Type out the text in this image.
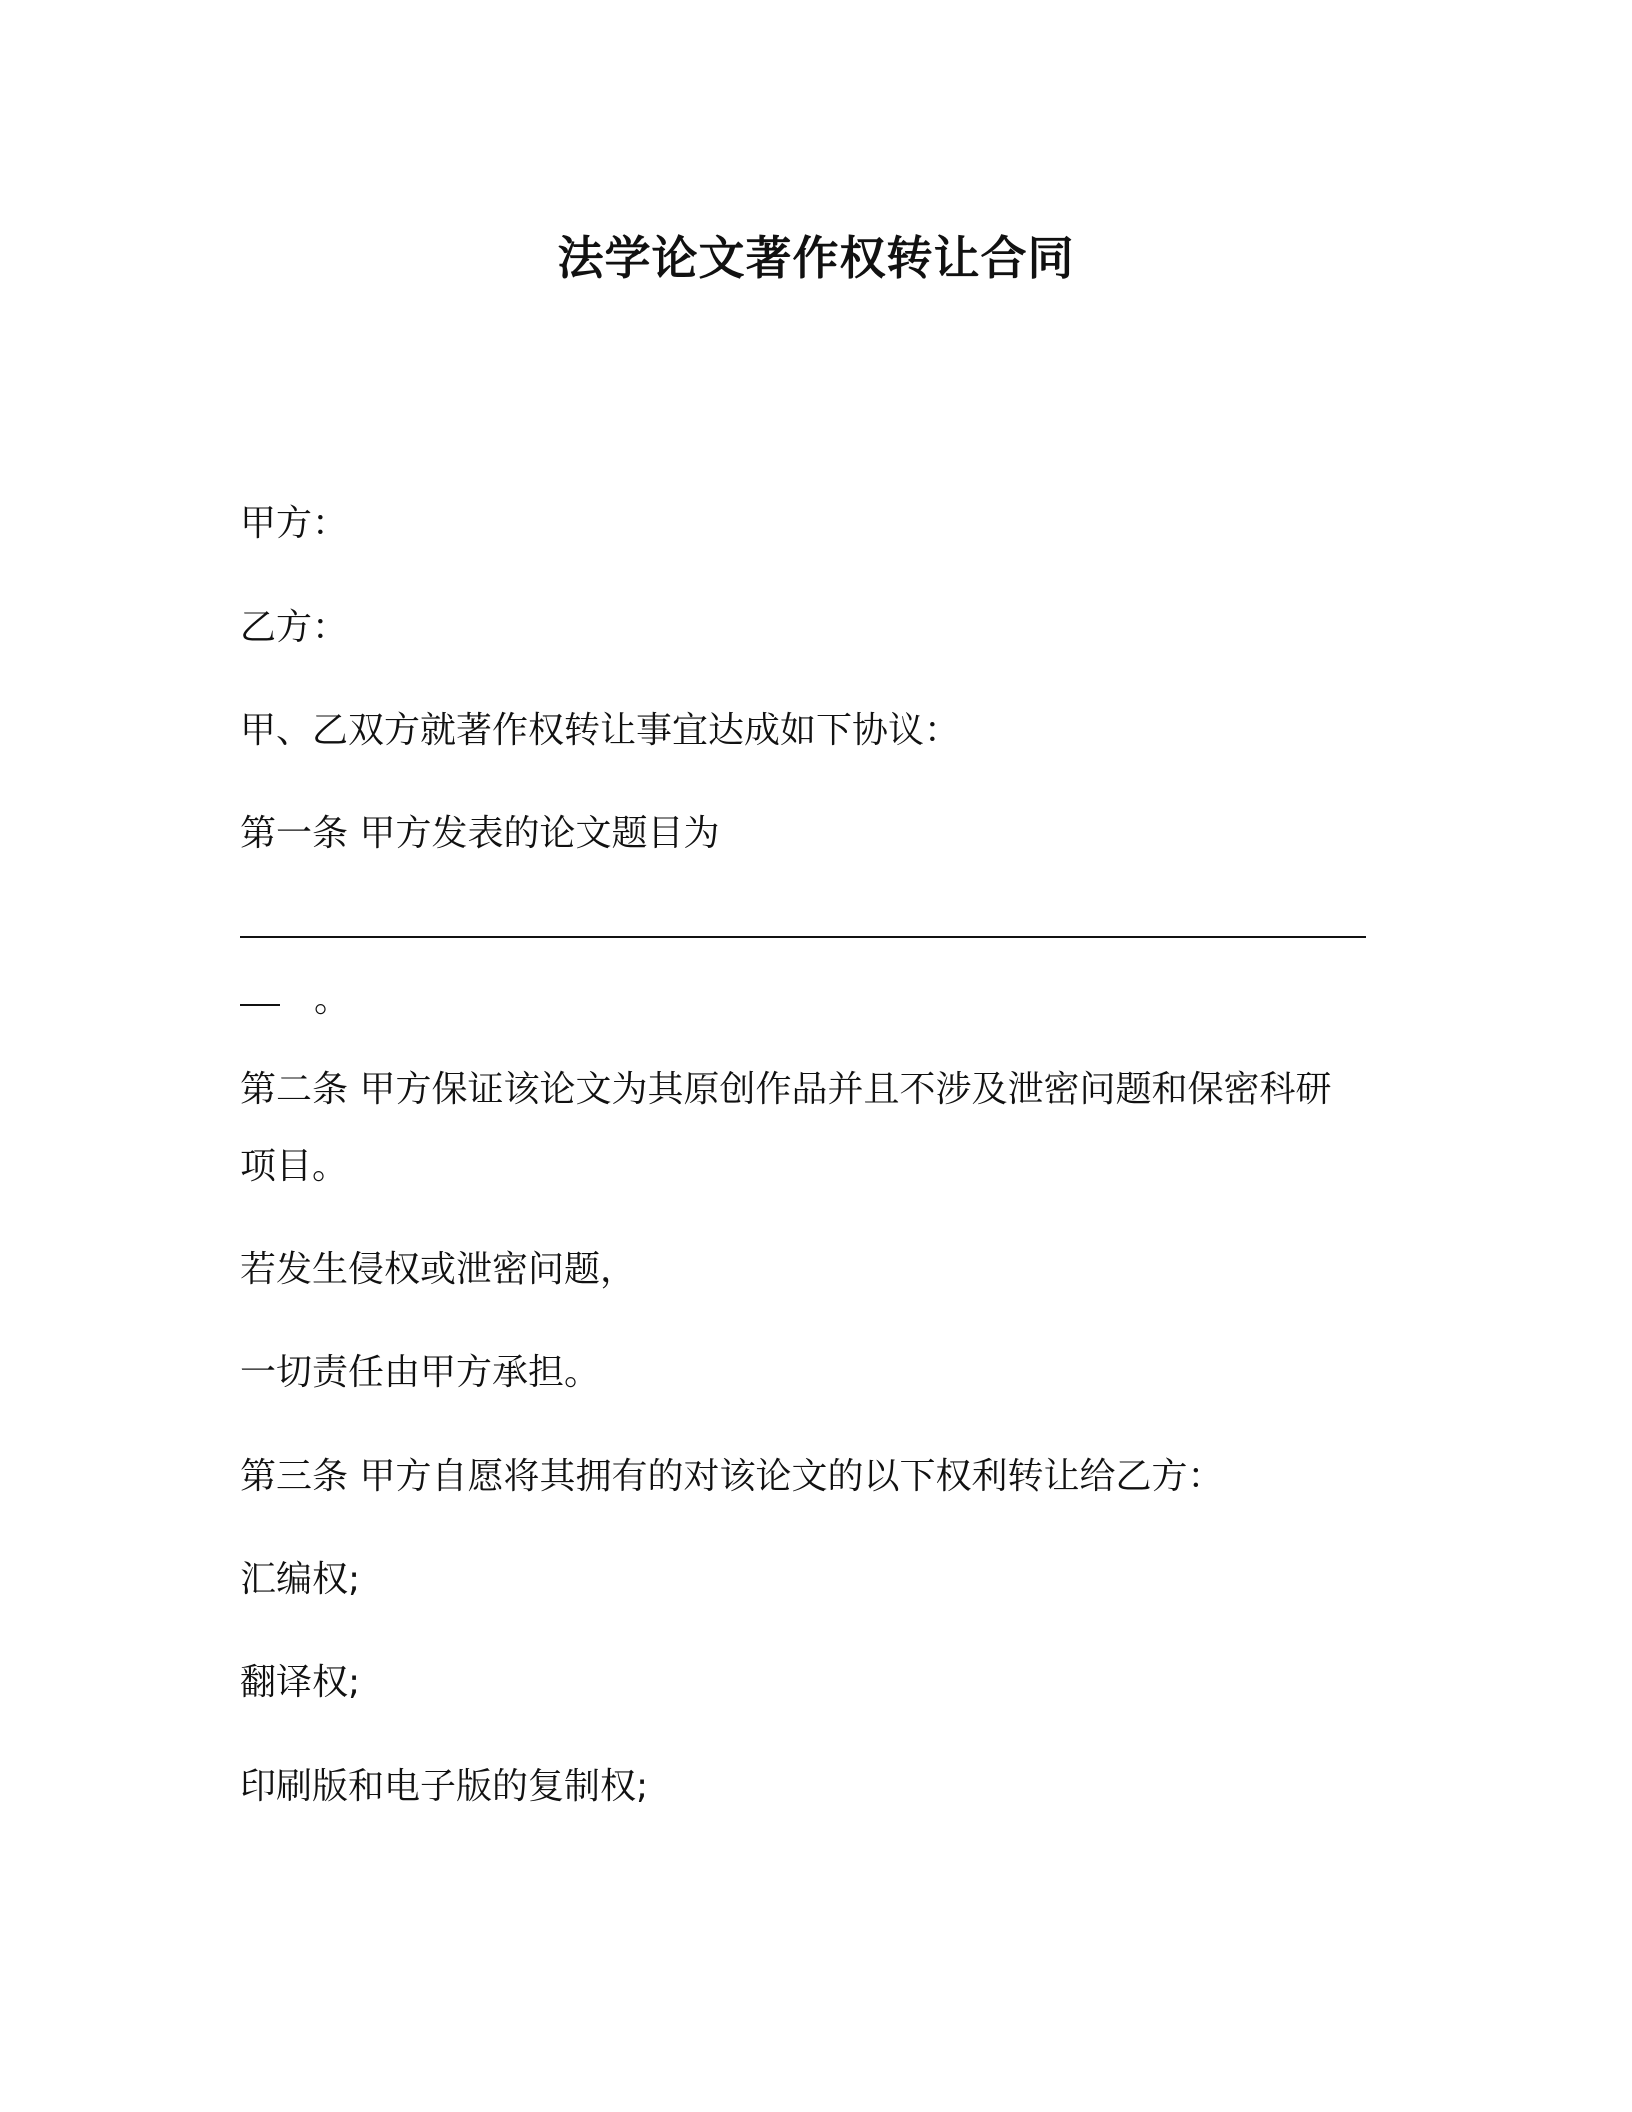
法学论文著作权转让合同
甲方：
乙方：
甲、乙双方就著作权转让事宜达成如下协议：
第一条 甲方发表的论文题目为
。
第二条 甲方保证该论文为其原创作品并且不涉及泄密问题和保密科研
项目。
若发生侵权或泄密问题，
一切责任由甲方承担。
第三条 甲方自愿将其拥有的对该论文的以下权利转让给乙方：
汇编权;
翻译权;
印刷版和电子版的复制权;
